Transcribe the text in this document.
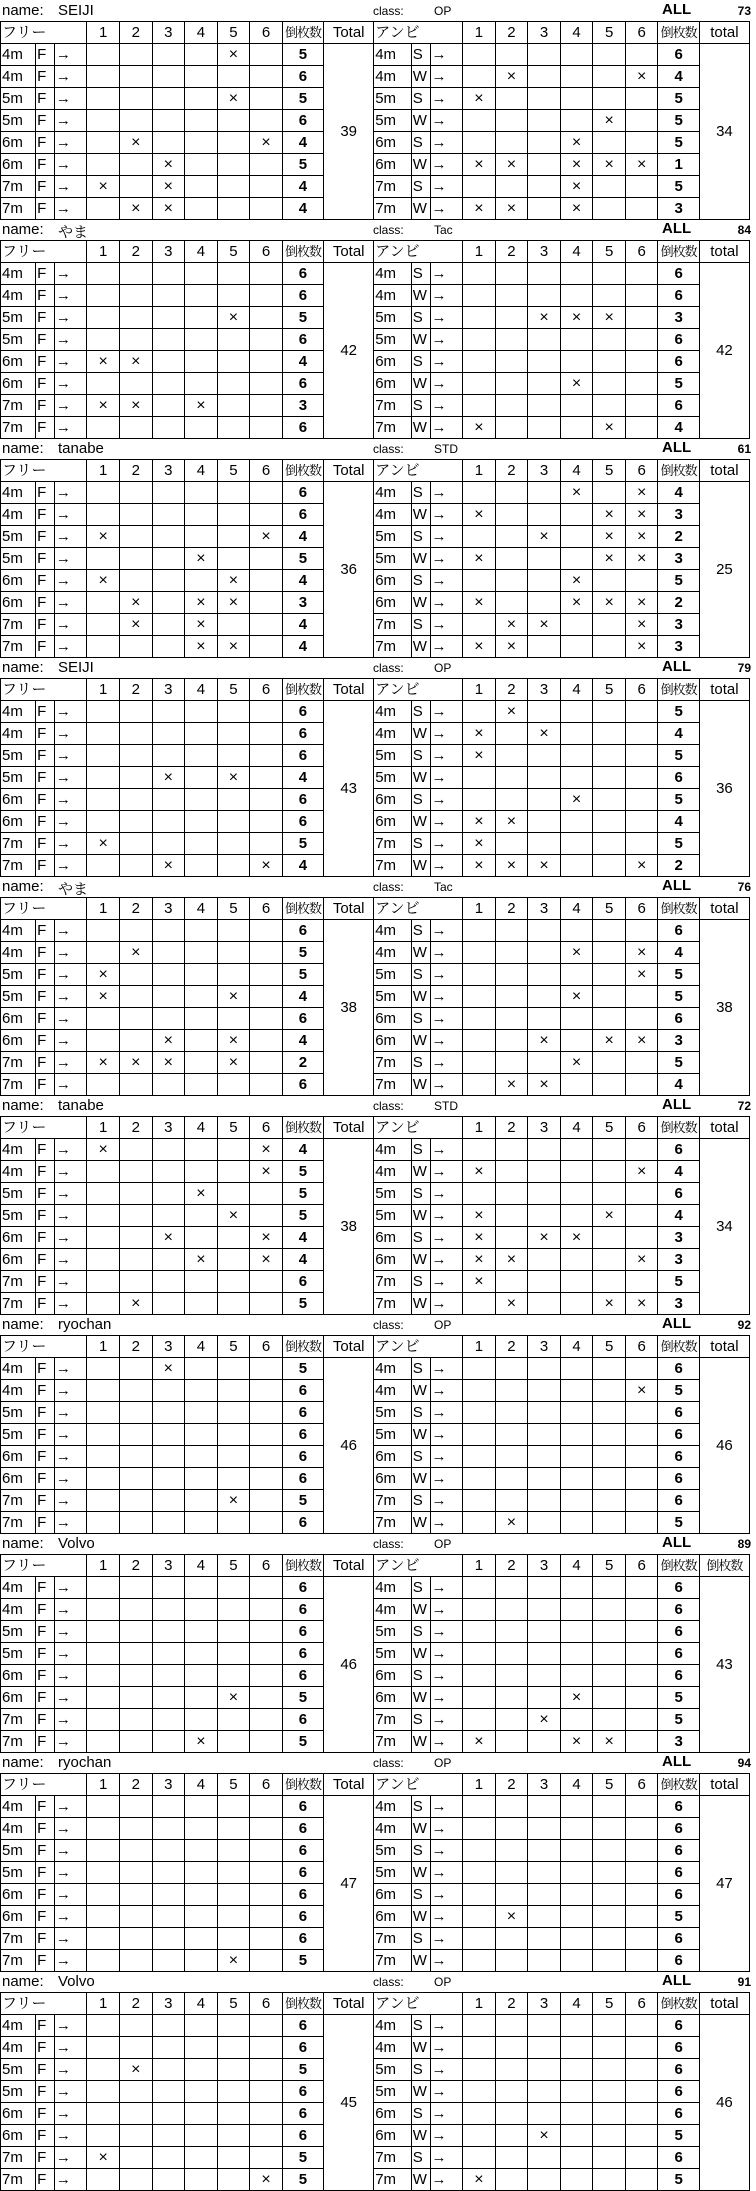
name: SEIJI	class:	OP	ALL	73
フリー			1	2	3	4	5	6	倒枚数	Total	アンビ			1	2	3	4	5	6	倒枚数	total
4m	F	→					×		5	39	4m	S	→							6	34
4m	F	→							6		4m	W	→		×				×	4	
5m	F	→					×		5		5m	S	→	×						5	
5m	F	→							6		5m	W	→					×		5	
6m	F	→		×				×	4		6m	S	→				×			5	
6m	F	→			×				5		6m	W	→	×	×		×	×	×	1	
7m	F	→	×		×				4		7m	S	→				×			5	
7m	F	→		×	×				4		7m	W	→	×	×		×			3	
name: やま	class:	Tac	ALL	84
フリー			1	2	3	4	5	6	倒枚数	Total	アンビ			1	2	3	4	5	6	倒枚数	total
4m	F	→							6	42	4m	S	→							6	42
4m	F	→							6		4m	W	→							6	
5m	F	→					×		5		5m	S	→			×	×	×		3	
5m	F	→							6		5m	W	→							6	
6m	F	→	×	×					4		6m	S	→							6	
6m	F	→							6		6m	W	→				×			5	
7m	F	→	×	×		×			3		7m	S	→							6	
7m	F	→							6		7m	W	→	×				×		4	
name: tanabe	class:	STD	ALL	61
フリー			1	2	3	4	5	6	倒枚数	Total	アンビ			1	2	3	4	5	6	倒枚数	total
4m	F	→							6	36	4m	S	→				×		×	4	25
4m	F	→							6		4m	W	→	×				×	×	3	
5m	F	→	×					×	4		5m	S	→			×		×	×	2	
5m	F	→				×			5		5m	W	→	×				×	×	3	
6m	F	→	×				×		4		6m	S	→				×			5	
6m	F	→		×		×	×		3		6m	W	→	×			×	×	×	2	
7m	F	→		×		×			4		7m	S	→		×	×			×	3	
7m	F	→				×	×		4		7m	W	→	×	×				×	3	
name: SEIJI	class:	OP	ALL	79
フリー			1	2	3	4	5	6	倒枚数	Total	アンビ			1	2	3	4	5	6	倒枚数	total
4m	F	→							6	43	4m	S	→		×					5	36
4m	F	→							6		4m	W	→	×		×				4	
5m	F	→							6		5m	S	→	×						5	
5m	F	→			×		×		4		5m	W	→							6	
6m	F	→							6		6m	S	→				×			5	
6m	F	→							6		6m	W	→	×	×					4	
7m	F	→	×						5		7m	S	→	×						5	
7m	F	→			×			×	4		7m	W	→	×	×	×			×	2	
name: やま	class:	Tac	ALL	76
フリー			1	2	3	4	5	6	倒枚数	Total	アンビ			1	2	3	4	5	6	倒枚数	total
4m	F	→							6	38	4m	S	→							6	38
4m	F	→		×					5		4m	W	→				×		×	4	
5m	F	→	×						5		5m	S	→						×	5	
5m	F	→	×				×		4		5m	W	→				×			5	
6m	F	→							6		6m	S	→							6	
6m	F	→			×		×		4		6m	W	→			×		×	×	3	
7m	F	→	×	×	×		×		2		7m	S	→				×			5	
7m	F	→							6		7m	W	→		×	×				4	
name: tanabe	class:	STD	ALL	72
フリー			1	2	3	4	5	6	倒枚数	Total	アンビ			1	2	3	4	5	6	倒枚数	total
4m	F	→	×					×	4	38	4m	S	→							6	34
4m	F	→						×	5		4m	W	→	×					×	4	
5m	F	→				×			5		5m	S	→							6	
5m	F	→					×		5		5m	W	→	×				×		4	
6m	F	→			×			×	4		6m	S	→	×		×	×			3	
6m	F	→				×		×	4		6m	W	→	×	×				×	3	
7m	F	→							6		7m	S	→	×						5	
7m	F	→		×					5		7m	W	→		×			×	×	3	
name: ryochan	class:	OP	ALL	92
フリー			1	2	3	4	5	6	倒枚数	Total	アンビ			1	2	3	4	5	6	倒枚数	total
4m	F	→			×				5	46	4m	S	→							6	46
4m	F	→							6		4m	W	→						×	5	
5m	F	→							6		5m	S	→							6	
5m	F	→							6		5m	W	→							6	
6m	F	→							6		6m	S	→							6	
6m	F	→							6		6m	W	→							6	
7m	F	→					×		5		7m	S	→							6	
7m	F	→							6		7m	W	→		×					5	
name: Volvo	class:	OP	ALL	89
フリー			1	2	3	4	5	6	倒枚数	Total	アンビ			1	2	3	4	5	6	倒枚数	倒枚数
4m	F	→							6	46	4m	S	→							6	43
4m	F	→							6		4m	W	→							6	
5m	F	→							6		5m	S	→							6	
5m	F	→							6		5m	W	→							6	
6m	F	→							6		6m	S	→							6	
6m	F	→					×		5		6m	W	→				×			5	
7m	F	→							6		7m	S	→			×				5	
7m	F	→				×			5		7m	W	→	×			×	×		3	
name: ryochan	class:	OP	ALL	94
フリー			1	2	3	4	5	6	倒枚数	Total	アンビ			1	2	3	4	5	6	倒枚数	total
4m	F	→							6	47	4m	S	→							6	47
4m	F	→							6		4m	W	→							6	
5m	F	→							6		5m	S	→							6	
5m	F	→							6		5m	W	→							6	
6m	F	→							6		6m	S	→							6	
6m	F	→							6		6m	W	→		×					5	
7m	F	→							6		7m	S	→							6	
7m	F	→					×		5		7m	W	→							6	
name: Volvo	class:	OP	ALL	91
フリー			1	2	3	4	5	6	倒枚数	Total	アンビ			1	2	3	4	5	6	倒枚数	total
4m	F	→							6	45	4m	S	→							6	46
4m	F	→							6		4m	W	→							6	
5m	F	→		×					5		5m	S	→							6	
5m	F	→							6		5m	W	→							6	
6m	F	→							6		6m	S	→							6	
6m	F	→							6		6m	W	→			×				5	
7m	F	→	×						5		7m	S	→							6	
7m	F	→						×	5		7m	W	→	×						5	
